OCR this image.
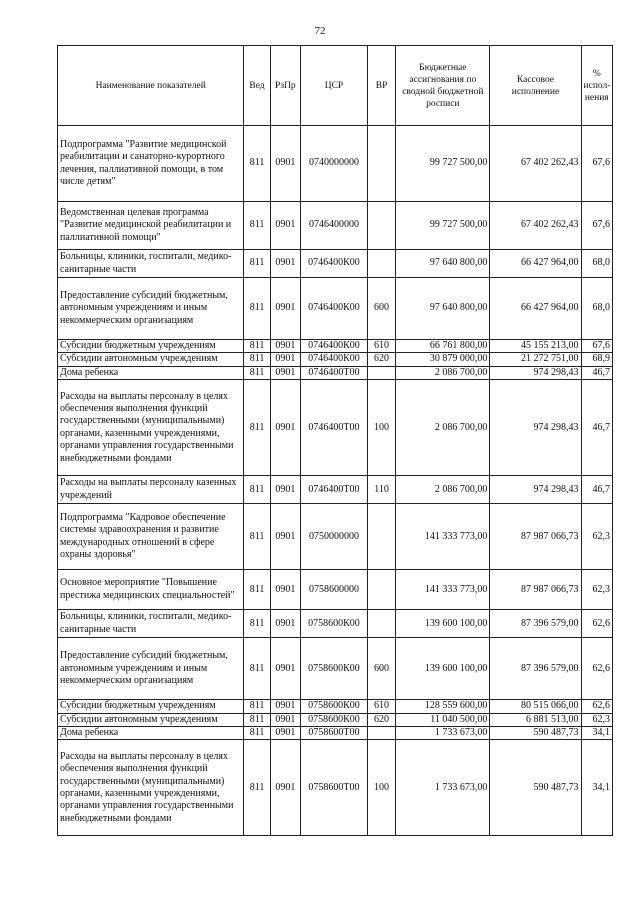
72
Наименование показателей	Вед	РзПр	ЦСР	ВР	Бюджетные ассигнования по сводной бюджетной росписи	Кассовое исполнение	% испол-нения
Подпрограмма "Развитие медицинской реабилитации и санаторно-курортного лечения, паллиативной помощи, в том числе детям"	811	0901	0740000000		99 727 500,00	67 402 262,43	67,6
Ведомственная целевая программа "Развитие медицинской реабилитации и паллиативной помощи"	811	0901	0746400000		99 727 500,00	67 402 262,43	67,6
Больницы, клиники, госпитали, медико-санитарные части	811	0901	0746400К00		97 640 800,00	66 427 964,00	68,0
Предоставление субсидий бюджетным, автономным учреждениям и иным некоммерческим организациям	811	0901	0746400К00	600	97 640 800,00	66 427 964,00	68,0
Субсидии бюджетным учреждениям	811	0901	0746400К00	610	66 761 800,00	45 155 213,00	67,6
Субсидии автономным учреждениям	811	0901	0746400К00	620	30 879 000,00	21 272 751,00	68,9
Дома ребенка	811	0901	0746400Т00		2 086 700,00	974 298,43	46,7
Расходы на выплаты персоналу в целях обеспечения выполнения функций государственными (муниципальными) органами, казенными учреждениями, органами управления государственными внебюджетными фондами	811	0901	0746400Т00	100	2 086 700,00	974 298,43	46,7
Расходы на выплаты персоналу казенных учреждений	811	0901	0746400Т00	110	2 086 700,00	974 298,43	46,7
Подпрограмма "Кадровое обеспечение системы здравоохранения и развитие международных отношений в сфере охраны здоровья"	811	0901	0750000000		141 333 773,00	87 987 066,73	62,3
Основное мероприятие "Повышение престижа медицинских специальностей"	811	0901	0758600000		141 333 773,00	87 987 066,73	62,3
Больницы, клиники, госпитали, медико-санитарные части	811	0901	0758600К00		139 600 100,00	87 396 579,00	62,6
Предоставление субсидий бюджетным, автономным учреждениям и иным некоммерческим организациям	811	0901	0758600К00	600	139 600 100,00	87 396 579,00	62,6
Субсидии бюджетным учреждениям	811	0901	0758600К00	610	128 559 600,00	80 515 066,00	62,6
Субсидии автономным учреждениям	811	0901	0758600К00	620	11 040 500,00	6 881 513,00	62,3
Дома ребенка	811	0901	0758600Т00		1 733 673,00	590 487,73	34,1
Расходы на выплаты персоналу в целях обеспечения выполнения функций государственными (муниципальными) органами, казенными учреждениями, органами управления государственными внебюджетными фондами	811	0901	0758600Т00	100	1 733 673,00	590 487,73	34,1
